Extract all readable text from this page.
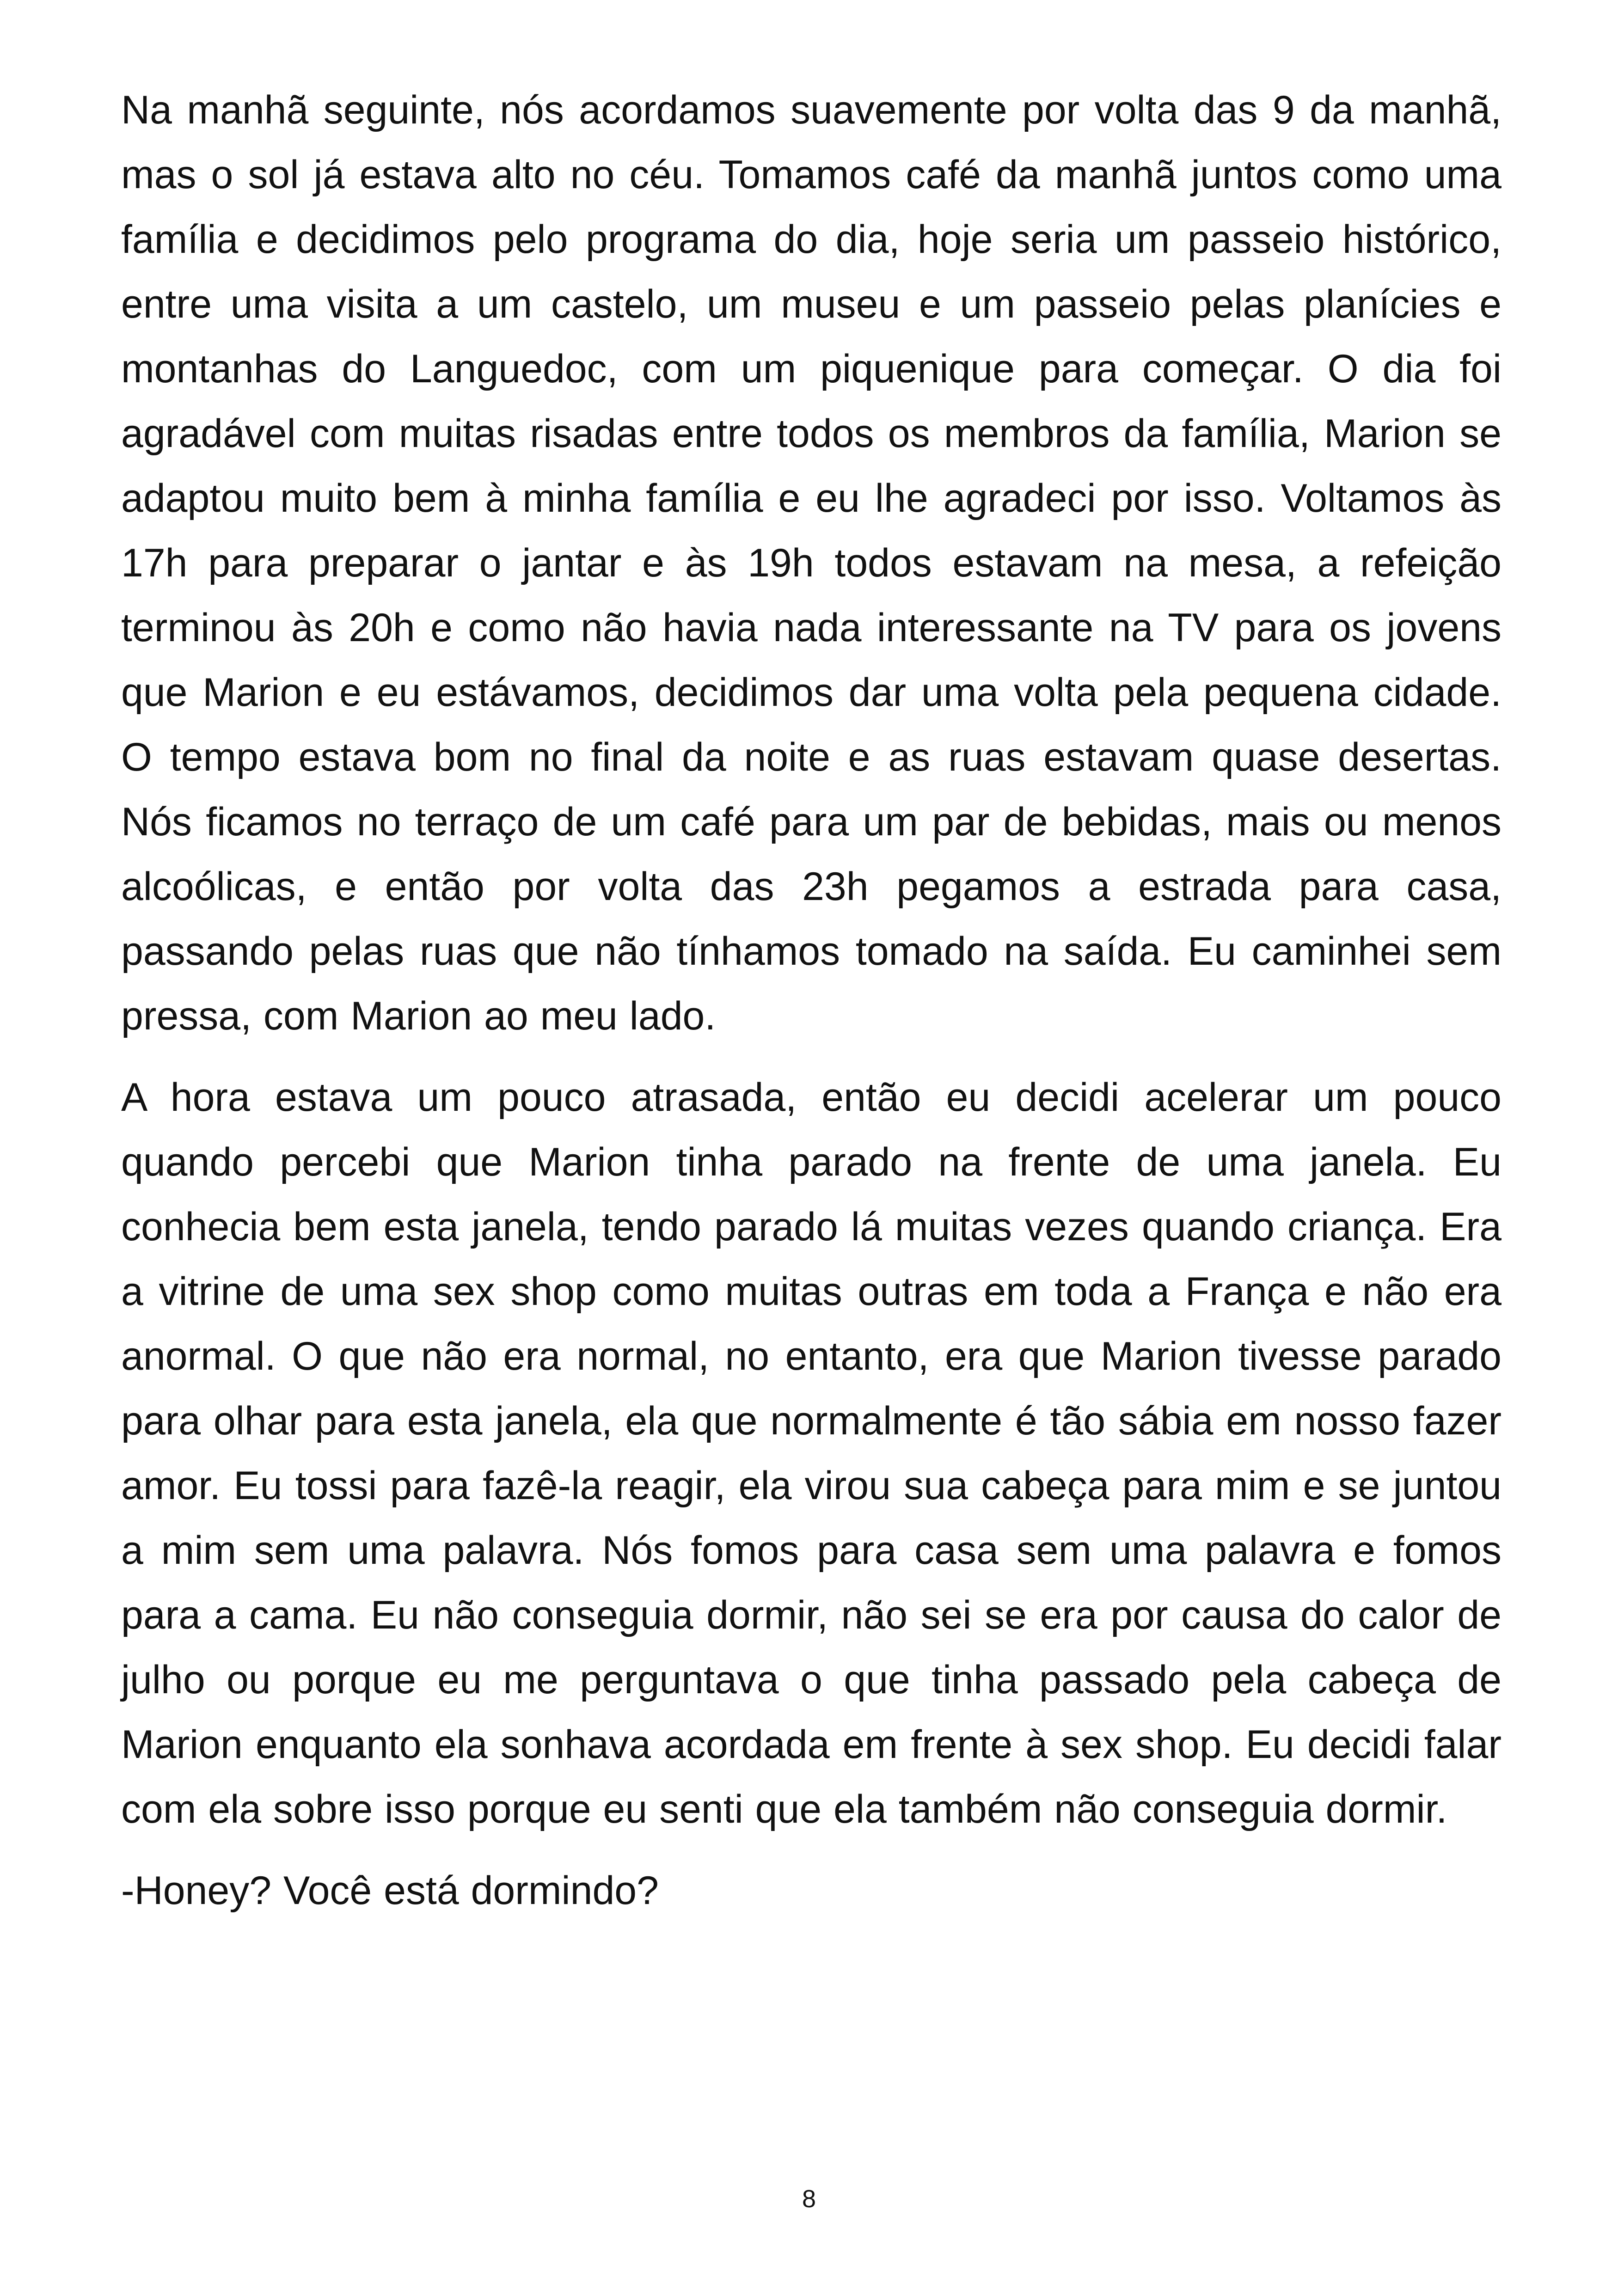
Na manhã seguinte, nós acordamos suavemente por volta das 9 da manhã, mas o sol já estava alto no céu. Tomamos café da manhã juntos como uma família e decidimos pelo programa do dia, hoje seria um passeio histórico, entre uma visita a um castelo, um museu e um passeio pelas planícies e montanhas do Languedoc, com um piquenique para começar. O dia foi agradável com muitas risadas entre todos os membros da família, Marion se adaptou muito bem à minha família e eu lhe agradeci por isso. Voltamos às 17h para preparar o jantar e às 19h todos estavam na mesa, a refeição terminou às 20h e como não havia nada interessante na TV para os jovens que Marion e eu estávamos, decidimos dar uma volta pela pequena cidade. O tempo estava bom no final da noite e as ruas estavam quase desertas. Nós ficamos no terraço de um café para um par de bebidas, mais ou menos alcoólicas, e então por volta das 23h pegamos a estrada para casa, passando pelas ruas que não tínhamos tomado na saída. Eu caminhei sem pressa, com Marion ao meu lado.

A hora estava um pouco atrasada, então eu decidi acelerar um pouco quando percebi que Marion tinha parado na frente de uma janela. Eu conhecia bem esta janela, tendo parado lá muitas vezes quando criança. Era a vitrine de uma sex shop como muitas outras em toda a França e não era anormal. O que não era normal, no entanto, era que Marion tivesse parado para olhar para esta janela, ela que normalmente é tão sábia em nosso fazer amor. Eu tossi para fazê-la reagir, ela virou sua cabeça para mim e se juntou a mim sem uma palavra. Nós fomos para casa sem uma palavra e fomos para a cama. Eu não conseguia dormir, não sei se era por causa do calor de julho ou porque eu me perguntava o que tinha passado pela cabeça de Marion enquanto ela sonhava acordada em frente à sex shop. Eu decidi falar com ela sobre isso porque eu senti que ela também não conseguia dormir.

-Honey? Você está dormindo?

8
